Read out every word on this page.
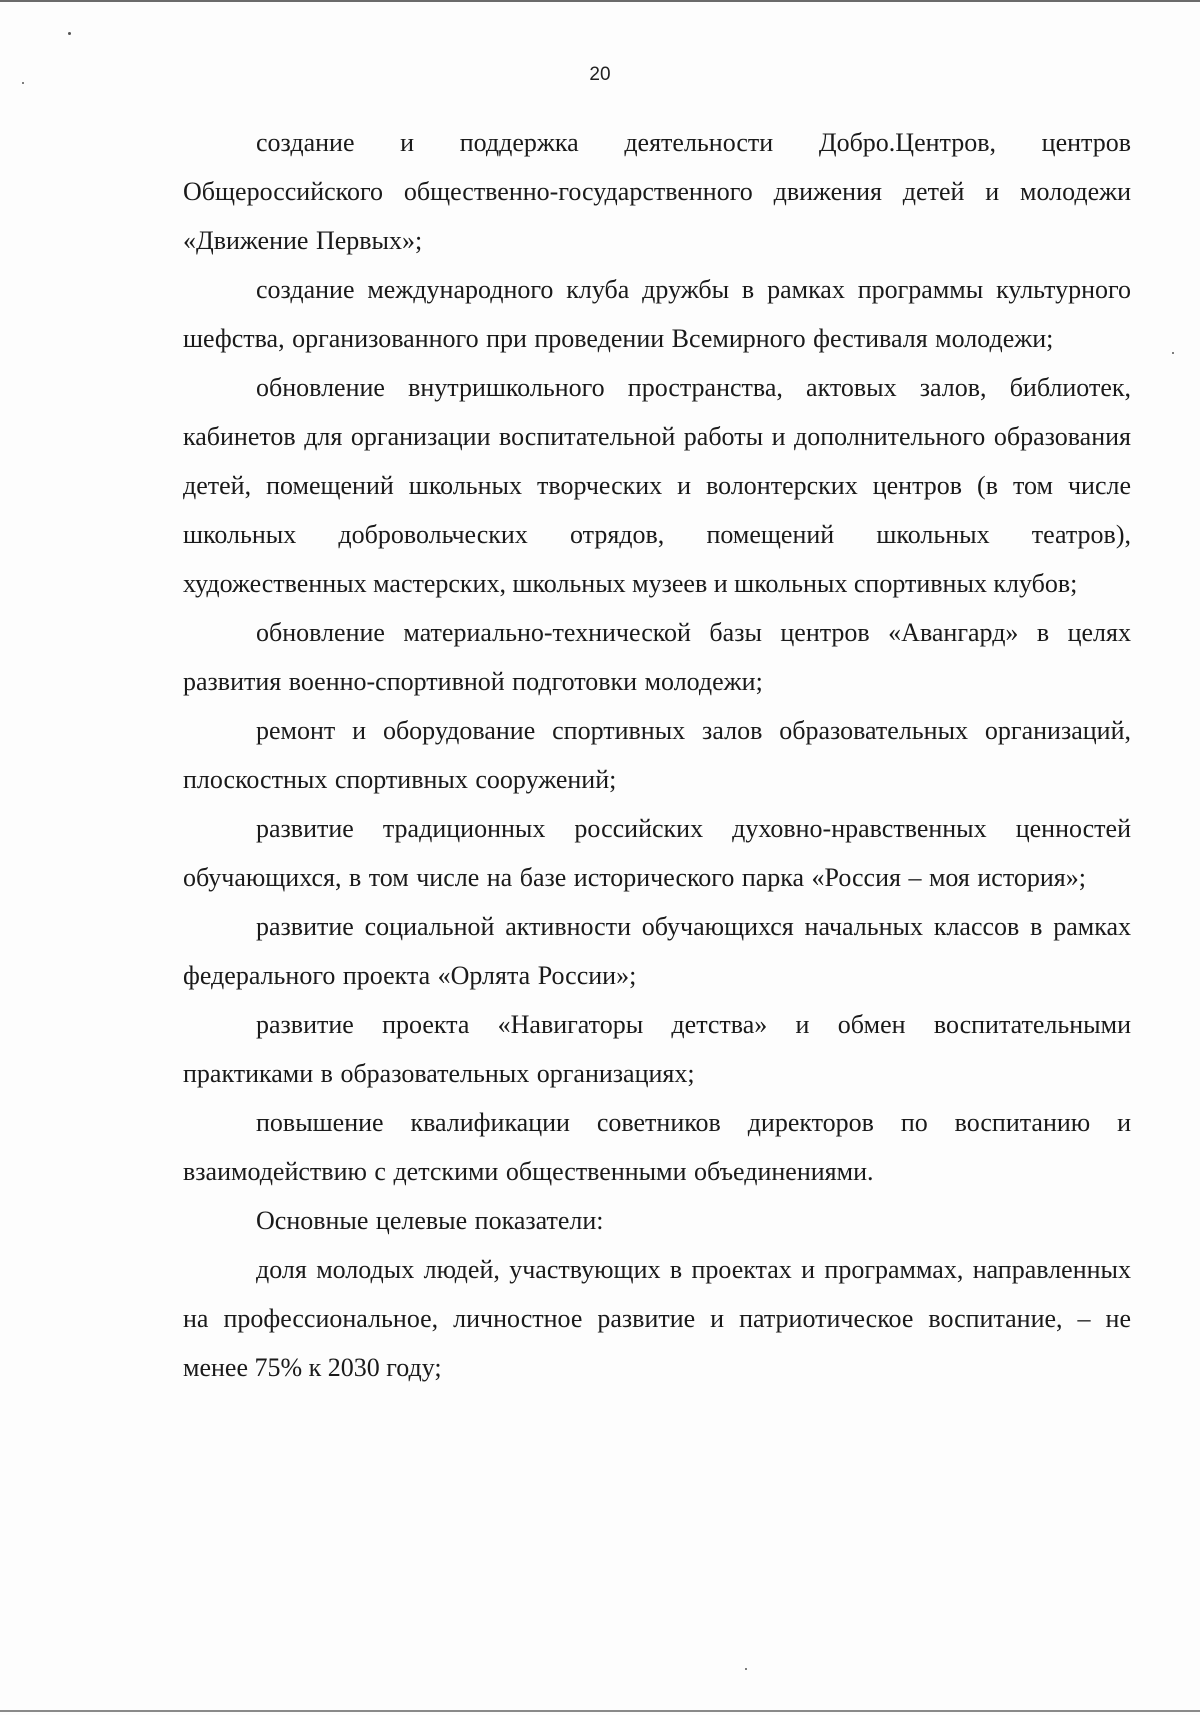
20

создание и поддержка деятельности Добро.Центров, центров Общероссийского общественно-государственного движения детей и молодежи «Движение Первых»;

создание международного клуба дружбы в рамках программы культурного шефства, организованного при проведении Всемирного фестиваля молодежи;

обновление внутришкольного пространства, актовых залов, библиотек, кабинетов для организации воспитательной работы и дополнительного образования детей, помещений школьных творческих и волонтерских центров (в том числе школьных добровольческих отрядов, помещений школьных театров), художественных мастерских, школьных музеев и школьных спортивных клубов;

обновление материально-технической базы центров «Авангард» в целях развития военно-спортивной подготовки молодежи;

ремонт и оборудование спортивных залов образовательных организаций, плоскостных спортивных сооружений;

развитие традиционных российских духовно-нравственных ценностей обучающихся, в том числе на базе исторического парка «Россия – моя история»;

развитие социальной активности обучающихся начальных классов в рамках федерального проекта «Орлята России»;

развитие проекта «Навигаторы детства» и обмен воспитательными практиками в образовательных организациях;

повышение квалификации советников директоров по воспитанию и взаимодействию с детскими общественными объединениями.

Основные целевые показатели:

доля молодых людей, участвующих в проектах и программах, направленных на профессиональное, личностное развитие и патриотическое воспитание, – не менее 75% к 2030 году;
